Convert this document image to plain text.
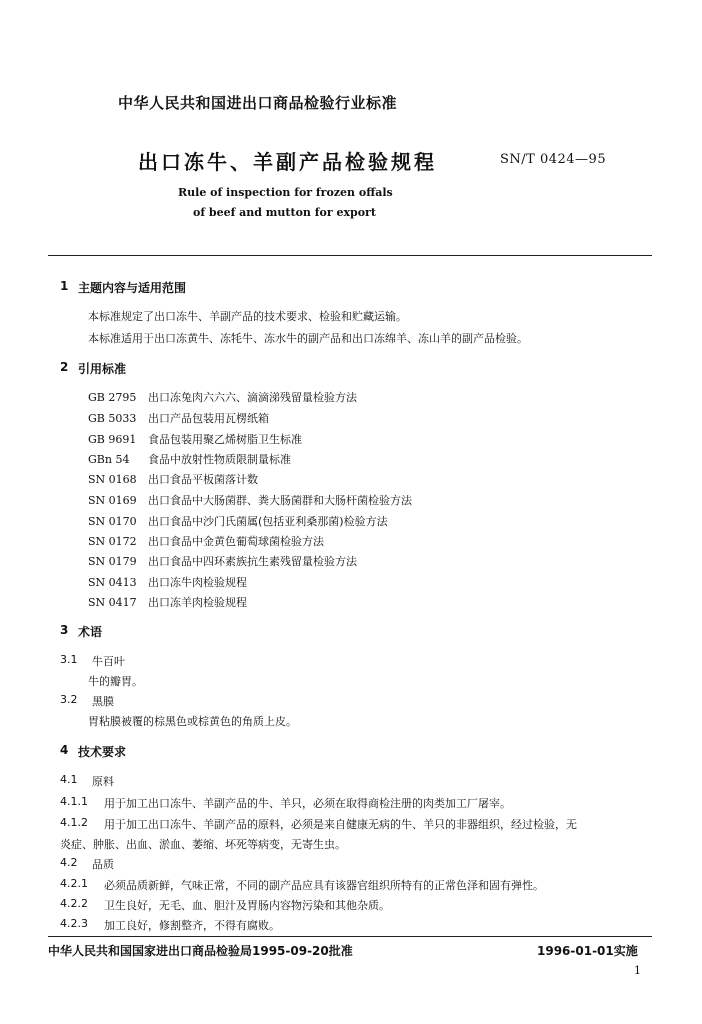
中华人民共和国进出口商品检验行业标准
出口冻牛、羊副产品检验规程	SN/T 0424—95
Rule of inspection for frozen offals
of beef and mutton for export
1 主题内容与适用范围
本标准规定了出口冻牛、羊副产品的技术要求、检验和贮藏运输。
本标准适用于出口冻黄牛、冻牦牛、冻水牛的副产品和出口冻绵羊、冻山羊的副产品检验。
2 引用标准
GB 2795 出口冻兔肉六六六、滴滴涕残留量检验方法
GB 5033 出口产品包装用瓦楞纸箱
GB 9691 食品包装用聚乙烯树脂卫生标准
GBn 54 食品中放射性物质限制量标准
SN 0168 出口食品平板菌落计数
SN 0169 出口食品中大肠菌群、粪大肠菌群和大肠杆菌检验方法
SN 0170 出口食品中沙门氏菌属(包括亚利桑那菌)检验方法
SN 0172 出口食品中金黄色葡萄球菌检验方法
SN 0179 出口食品中四环素族抗生素残留量检验方法
SN 0413 出口冻牛肉检验规程
SN 0417 出口冻羊肉检验规程
3 术语
3.1 牛百叶
牛的瓣胃。
3.2 黑膜
胃粘膜被覆的棕黑色或棕黄色的角质上皮。
4 技术要求
4.1 原料
4.1.1 用于加工出口冻牛、羊副产品的牛、羊只，必须在取得商检注册的肉类加工厂屠宰。
4.1.2 用于加工出口冻牛、羊副产品的原料，必须是来自健康无病的牛、羊只的非器组织，经过检验，无
炎症、肿胀、出血、淤血、萎缩、坏死等病变，无寄生虫。
4.2 品质
4.2.1 必须品质新鲜，气味正常，不同的副产品应具有该器官组织所特有的正常色泽和固有弹性。
4.2.2 卫生良好，无毛、血、胆汁及胃肠内容物污染和其他杂质。
4.2.3 加工良好，修割整齐，不得有腐败。
中华人民共和国国家进出口商品检验局1995-09-20批准	1996-01-01实施
1
